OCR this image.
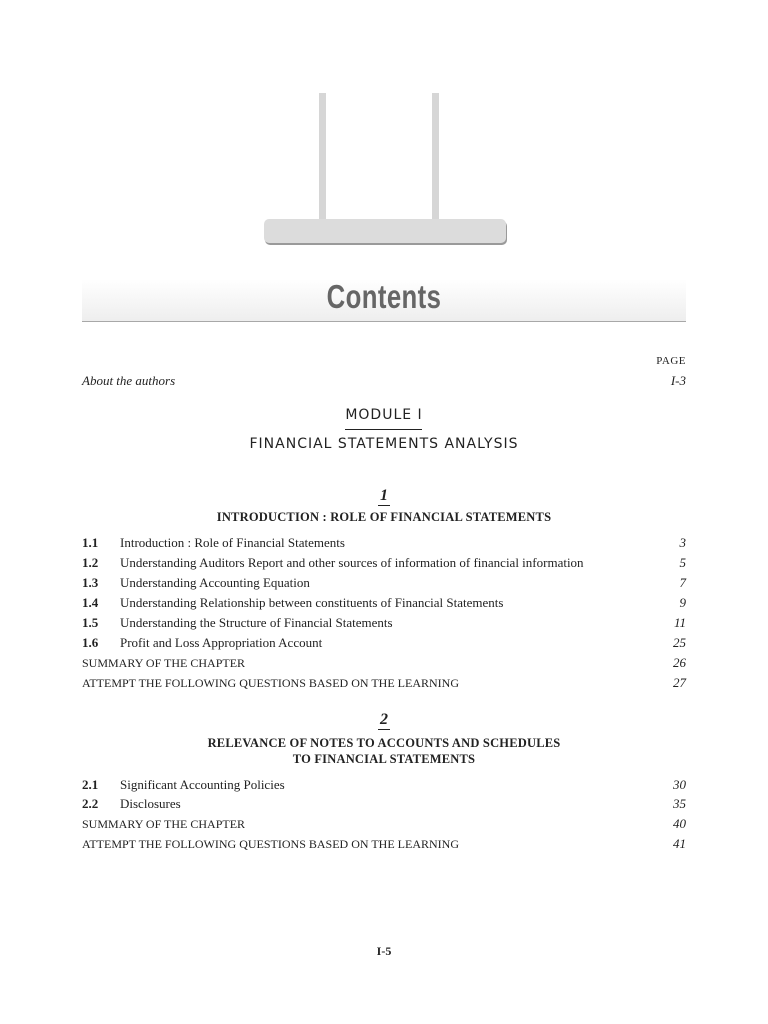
Contents
PAGE
About the authors	I-3
MODULE I
FINANCIAL STATEMENTS ANALYSIS
1
INTRODUCTION : ROLE OF FINANCIAL STATEMENTS
1.1 Introduction : Role of Financial Statements	3
1.2 Understanding Auditors Report and other sources of information of financial information	5
1.3 Understanding Accounting Equation	7
1.4 Understanding Relationship between constituents of Financial Statements	9
1.5 Understanding the Structure of Financial Statements	11
1.6 Profit and Loss Appropriation Account	25
SUMMARY OF THE CHAPTER	26
ATTEMPT THE FOLLOWING QUESTIONS BASED ON THE LEARNING	27
2
RELEVANCE OF NOTES TO ACCOUNTS AND SCHEDULES
TO FINANCIAL STATEMENTS
2.1 Significant Accounting Policies	30
2.2 Disclosures	35
SUMMARY OF THE CHAPTER	40
ATTEMPT THE FOLLOWING QUESTIONS BASED ON THE LEARNING	41
I-5
